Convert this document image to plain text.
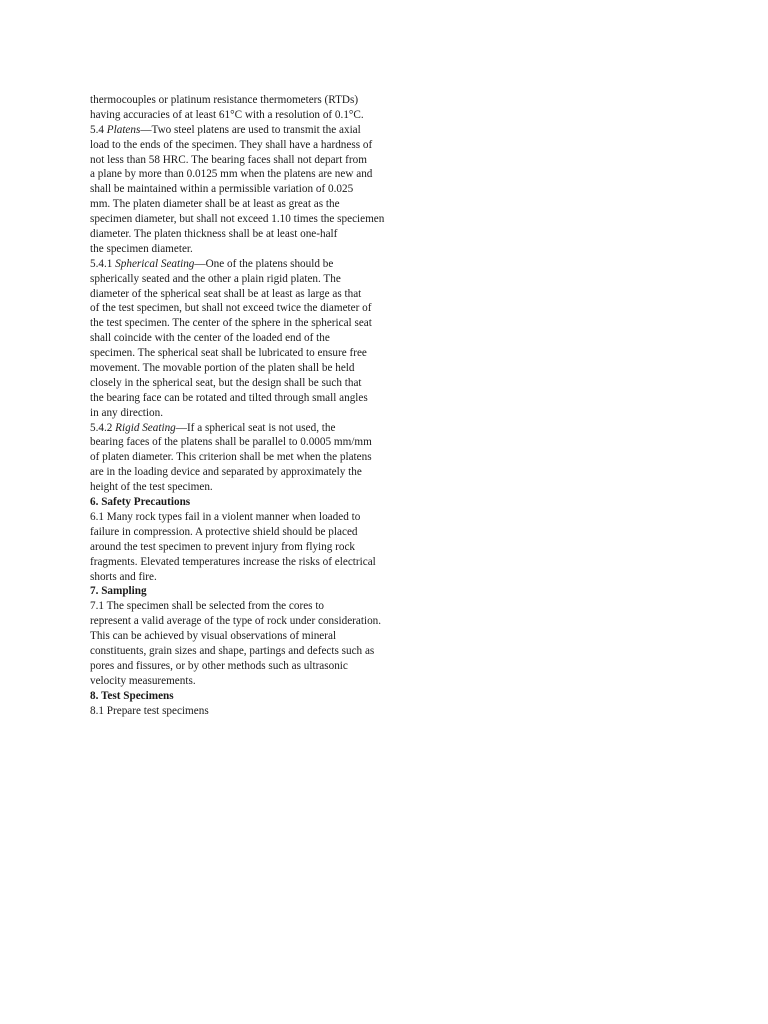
thermocouples or platinum resistance thermometers (RTDs)
having accuracies of at least 61°C with a resolution of 0.1°C.
5.4 Platens—Two steel platens are used to transmit the axial
load to the ends of the specimen. They shall have a hardness of
not less than 58 HRC. The bearing faces shall not depart from
a plane by more than 0.0125 mm when the platens are new and
shall be maintained within a permissible variation of 0.025
mm. The platen diameter shall be at least as great as the
specimen diameter, but shall not exceed 1.10 times the speciemen
diameter. The platen thickness shall be at least one-half
the specimen diameter.
5.4.1 Spherical Seating—One of the platens should be
spherically seated and the other a plain rigid platen. The
diameter of the spherical seat shall be at least as large as that
of the test specimen, but shall not exceed twice the diameter of
the test specimen. The center of the sphere in the spherical seat
shall coincide with the center of the loaded end of the
specimen. The spherical seat shall be lubricated to ensure free
movement. The movable portion of the platen shall be held
closely in the spherical seat, but the design shall be such that
the bearing face can be rotated and tilted through small angles
in any direction.
5.4.2 Rigid Seating—If a spherical seat is not used, the
bearing faces of the platens shall be parallel to 0.0005 mm/mm
of platen diameter. This criterion shall be met when the platens
are in the loading device and separated by approximately the
height of the test specimen.
6. Safety Precautions
6.1 Many rock types fail in a violent manner when loaded to
failure in compression. A protective shield should be placed
around the test specimen to prevent injury from flying rock
fragments. Elevated temperatures increase the risks of electrical
shorts and fire.
7. Sampling
7.1 The specimen shall be selected from the cores to
represent a valid average of the type of rock under consideration.
This can be achieved by visual observations of mineral
constituents, grain sizes and shape, partings and defects such as
pores and fissures, or by other methods such as ultrasonic
velocity measurements.
8. Test Specimens
8.1 Prepare test specimens
